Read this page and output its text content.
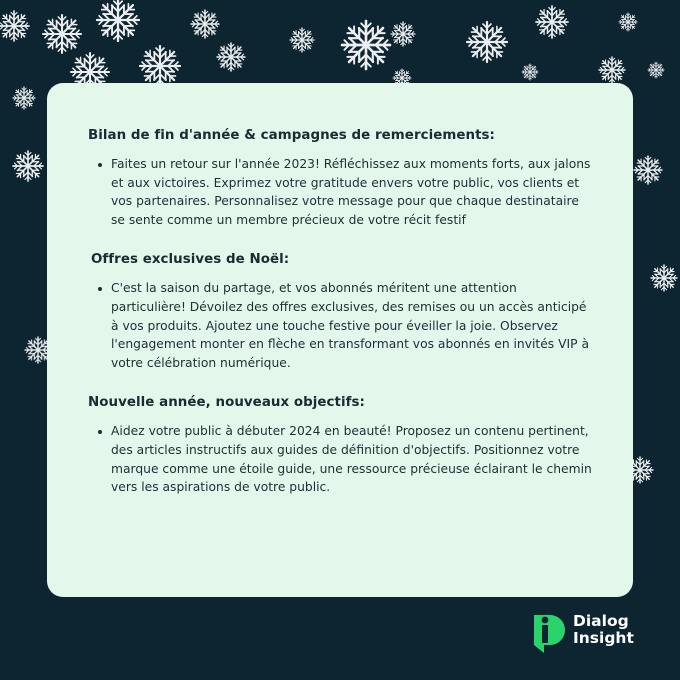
Bilan de fin d'année & campagnes de remerciements:
Faites un retour sur l'année 2023! Réfléchissez aux moments forts, aux jalons et aux victoires. Exprimez votre gratitude envers votre public, vos clients et vos partenaires. Personnalisez votre message pour que chaque destinataire se sente comme un membre précieux de votre récit festif
Offres exclusives de Noël:
C'est la saison du partage, et vos abonnés méritent une attention particulière! Dévoilez des offres exclusives, des remises ou un accès anticipé à vos produits. Ajoutez une touche festive pour éveiller la joie. Observez l'engagement monter en flèche en transformant vos abonnés en invités VIP à votre célébration numérique.
Nouvelle année, nouveaux objectifs:
Aidez votre public à débuter 2024 en beauté! Proposez un contenu pertinent, des articles instructifs aux guides de définition d'objectifs. Positionnez votre marque comme une étoile guide, une ressource précieuse éclairant le chemin vers les aspirations de votre public.
Dialog
Insight
